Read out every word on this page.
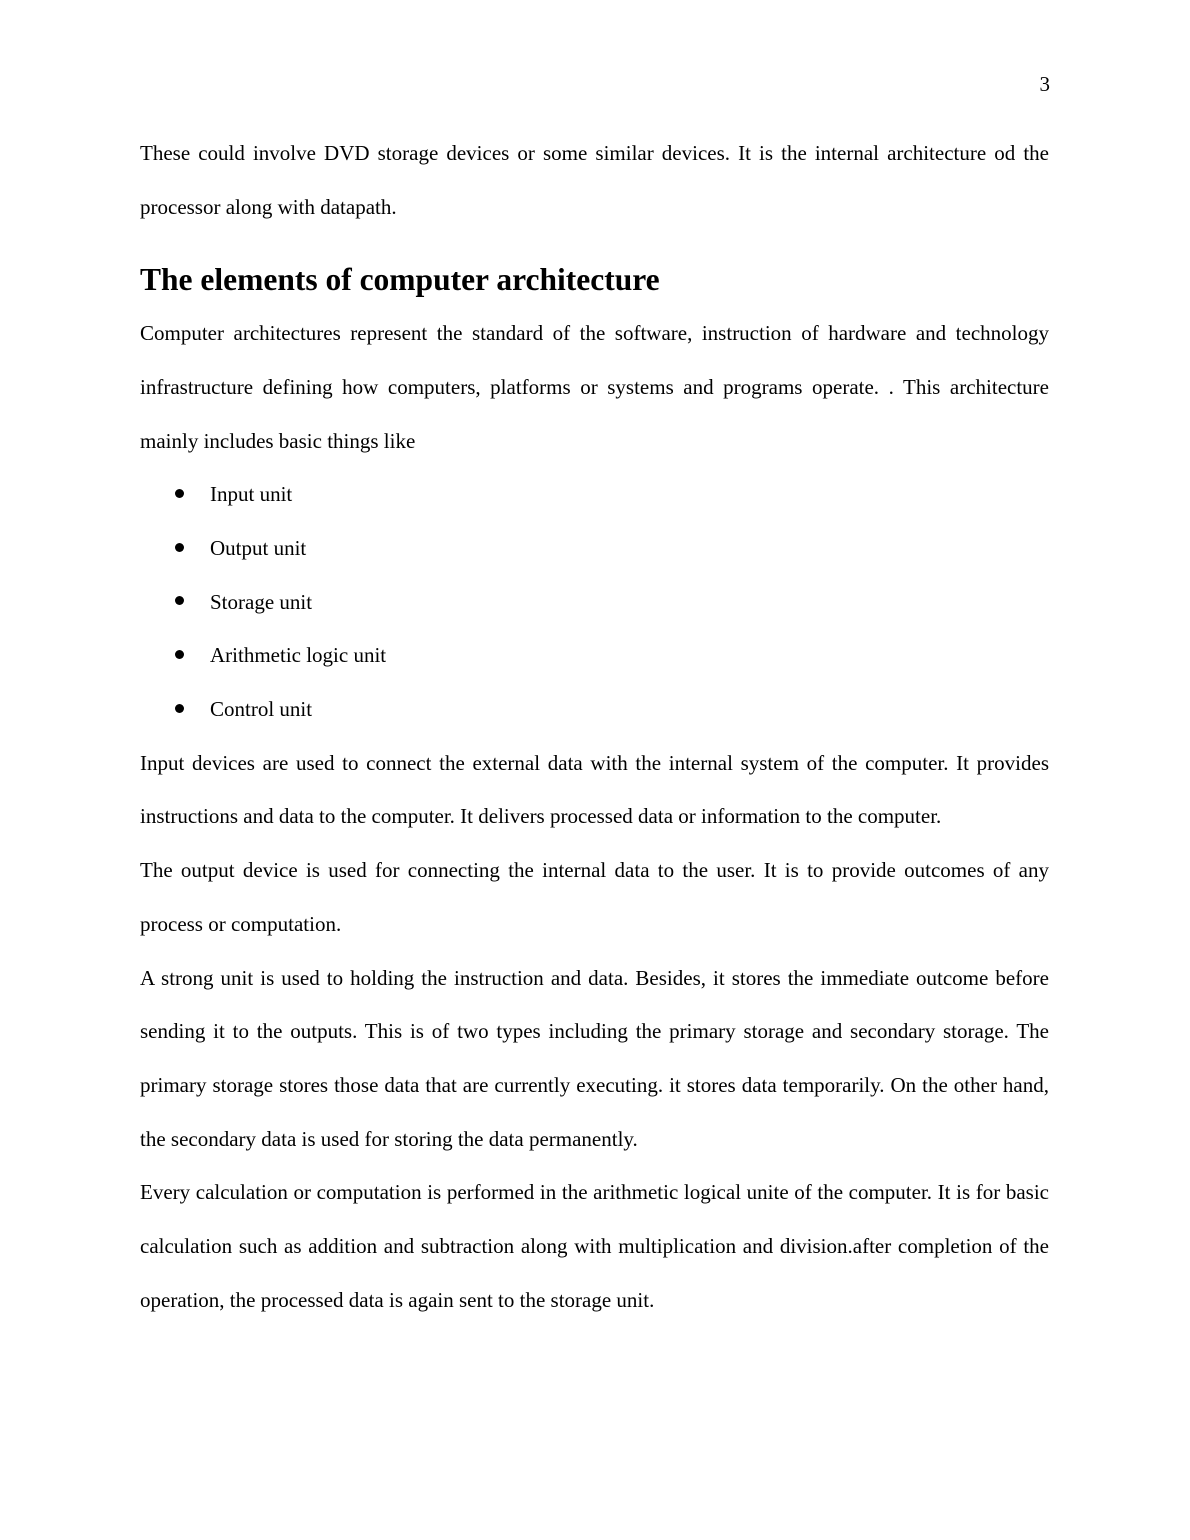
3

These could involve DVD storage devices or some similar devices. It is the internal architecture od the processor along with datapath.

The elements of computer architecture

Computer architectures represent the standard of the software, instruction of hardware and technology infrastructure defining how computers, platforms or systems and programs operate. . This architecture mainly includes basic things like

Input unit
Output unit
Storage unit
Arithmetic logic unit
Control unit

Input devices are used to connect the external data with the internal system of the computer. It provides instructions and data to the computer. It delivers processed data or information to the computer.

The output device is used for connecting the internal data to the user. It is to provide outcomes of any process or computation.

A strong unit is used to holding the instruction and data. Besides, it stores the immediate outcome before sending it to the outputs. This is of two types including the primary storage and secondary storage. The primary storage stores those data that are currently executing. it stores data temporarily. On the other hand, the secondary data is used for storing the data permanently.

Every calculation or computation is performed in the arithmetic logical unite of the computer. It is for basic calculation such as addition and subtraction along with multiplication and division.after completion of the operation, the processed data is again sent to the storage unit.
